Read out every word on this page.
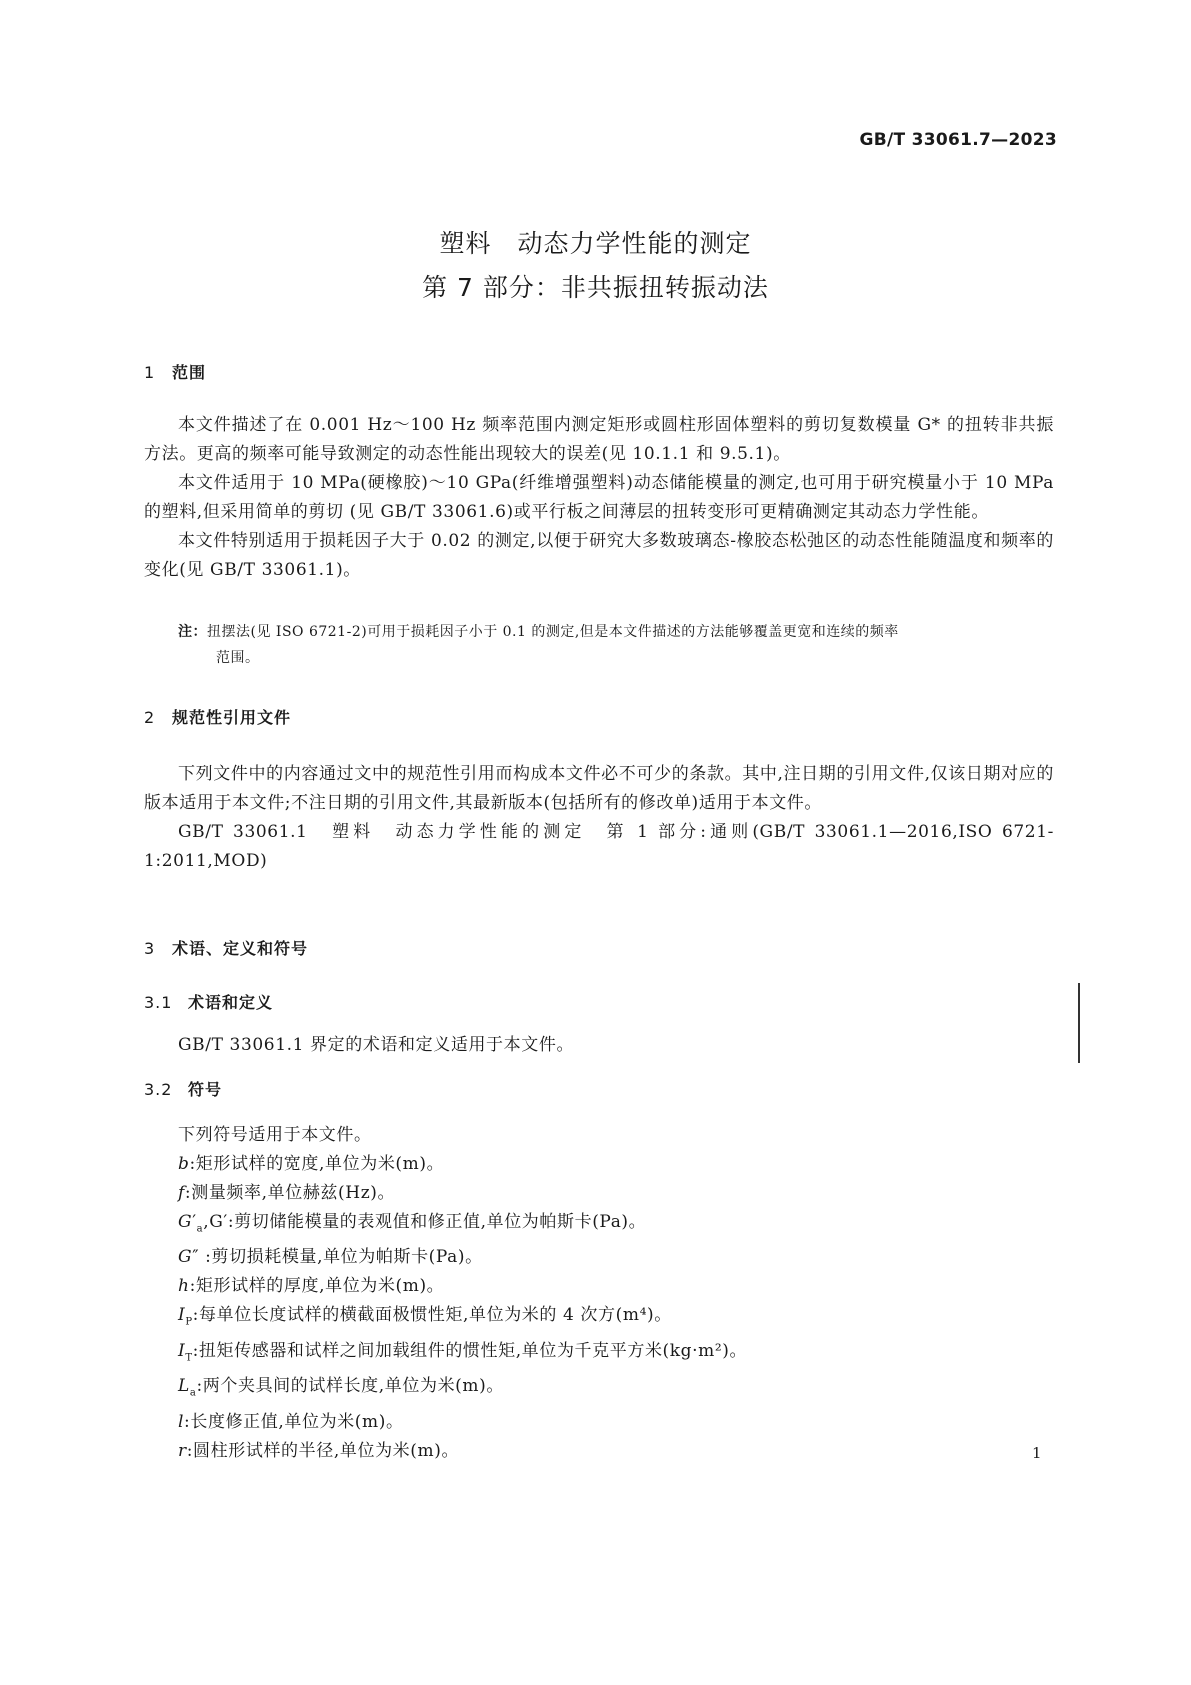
GB/T 33061.7—2023
塑料　动态力学性能的测定
第 7 部分：非共振扭转振动法
1 范围

本文件描述了在 0.001 Hz～100 Hz 频率范围内测定矩形或圆柱形固体塑料的剪切复数模量 G* 的扭转非共振方法。更高的频率可能导致测定的动态性能出现较大的误差(见 10.1.1 和 9.5.1)。

本文件适用于 10 MPa(硬橡胶)～10 GPa(纤维增强塑料)动态储能模量的测定,也可用于研究模量小于 10 MPa 的塑料,但采用简单的剪切 (见 GB/T 33061.6)或平行板之间薄层的扭转变形可更精确测定其动态力学性能。

本文件特别适用于损耗因子大于 0.02 的测定,以便于研究大多数玻璃态-橡胶态松弛区的动态性能随温度和频率的变化(见 GB/T 33061.1)。

注：扭摆法(见 ISO 6721-2)可用于损耗因子小于 0.1 的测定,但是本文件描述的方法能够覆盖更宽和连续的频率
范围。
2 规范性引用文件

下列文件中的内容通过文中的规范性引用而构成本文件必不可少的条款。其中,注日期的引用文件,仅该日期对应的版本适用于本文件;不注日期的引用文件,其最新版本(包括所有的修改单)适用于本文件。

GB/T 33061.1　塑料　动态力学性能的测定　第 1 部分:通则(GB/T 33061.1—2016,ISO 6721-1:2011,MOD)

3 术语、定义和符号
3.1 术语和定义

GB/T 33061.1 界定的术语和定义适用于本文件。

3.2 符号
下列符号适用于本文件。
b:矩形试样的宽度,单位为米(m)。
f:测量频率,单位赫兹(Hz)。
$G'_a,G'$:剪切储能模量的表观值和修正值,单位为帕斯卡(Pa)。
G″ :剪切损耗模量,单位为帕斯卡(Pa)。
h:矩形试样的厚度,单位为米(m)。
$I_P$:每单位长度试样的横截面极惯性矩,单位为米的 4 次方(m⁴)。
$I_T$:扭矩传感器和试样之间加载组件的惯性矩,单位为千克平方米(kg·m²)。
$L_a$:两个夹具间的试样长度,单位为米(m)。
l:长度修正值,单位为米(m)。
r:圆柱形试样的半径,单位为米(m)。	1
